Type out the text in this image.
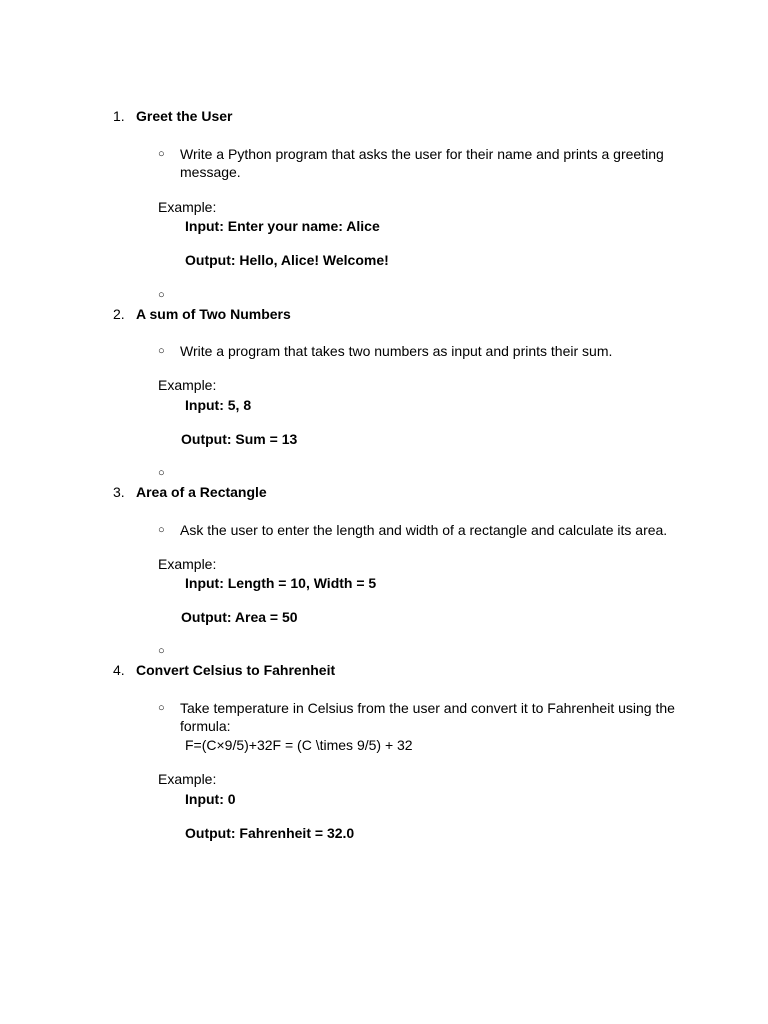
1. Greet the User
○ Write a Python program that asks the user for their name and prints a greeting message.
Example:
Input: Enter your name: Alice
Output: Hello, Alice! Welcome!
○
2. A sum of Two Numbers
○ Write a program that takes two numbers as input and prints their sum.
Example:
Input: 5, 8
Output: Sum = 13
○
3. Area of a Rectangle
○ Ask the user to enter the length and width of a rectangle and calculate its area.
Example:
Input: Length = 10, Width = 5
Output: Area = 50
○
4. Convert Celsius to Fahrenheit
○ Take temperature in Celsius from the user and convert it to Fahrenheit using the formula:
F=(C×9/5)+32F = (C \times 9/5) + 32
Example:
Input: 0
Output: Fahrenheit = 32.0
